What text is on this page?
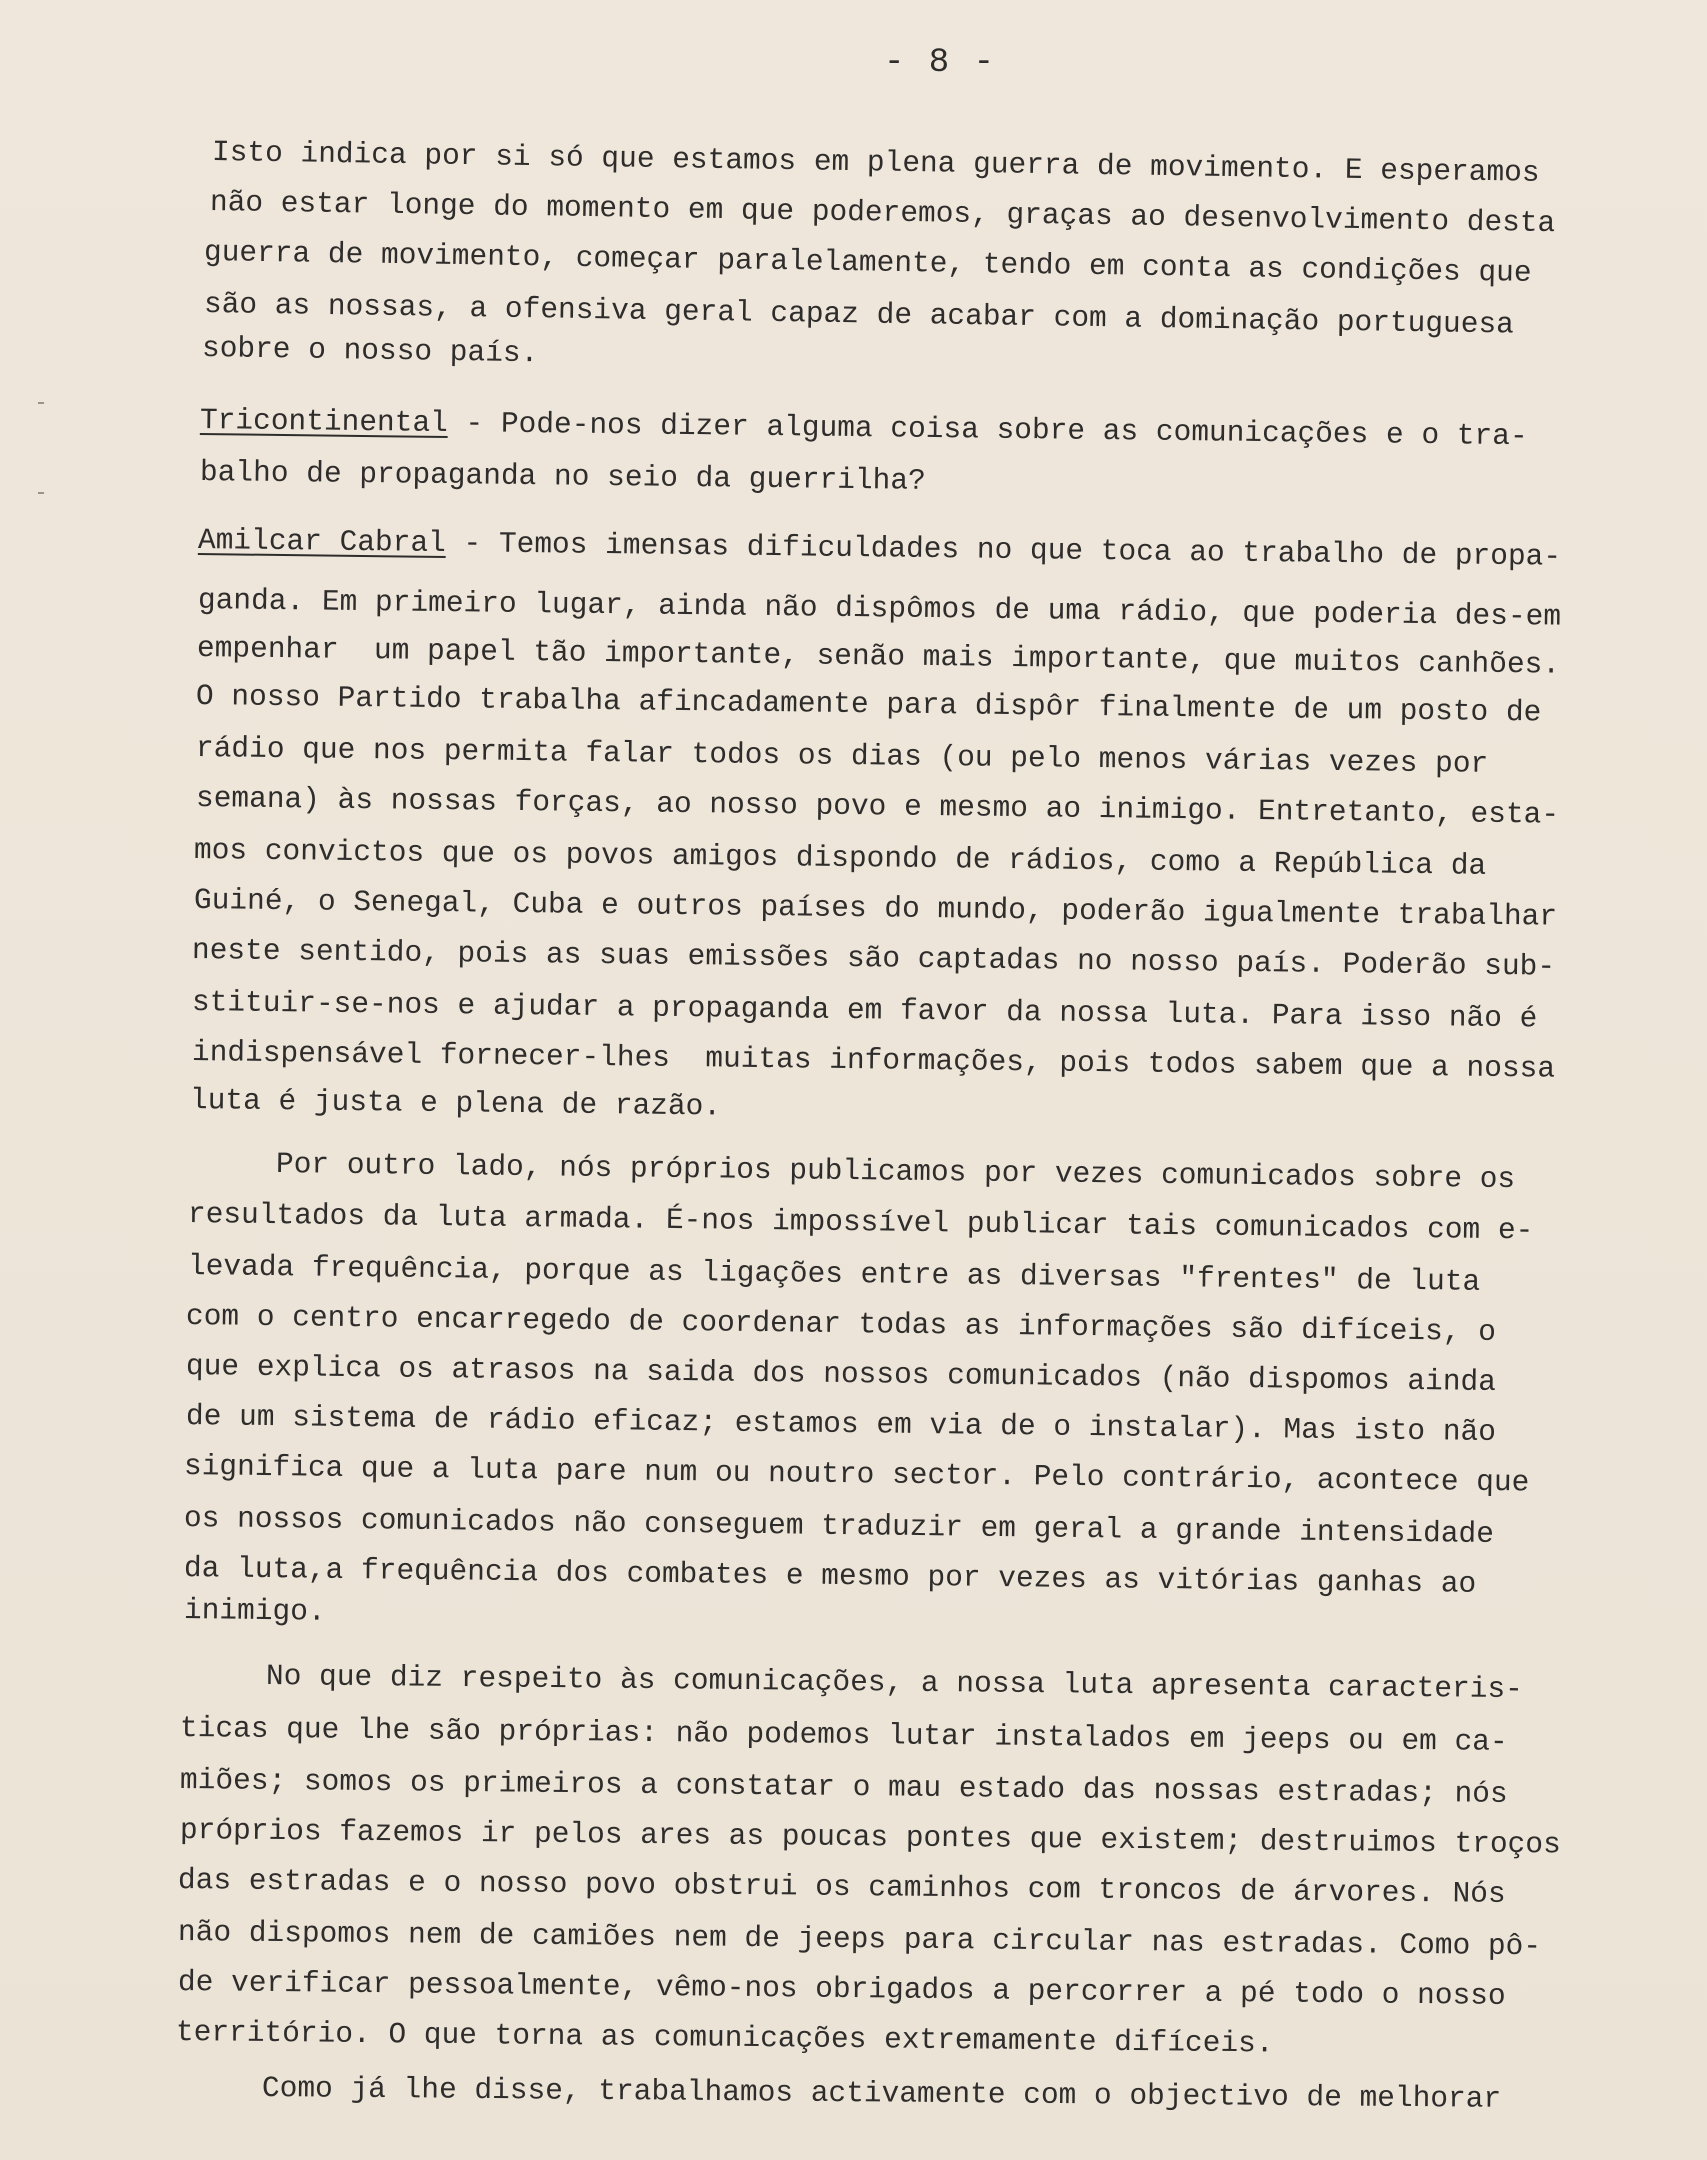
- 8 -
Isto indica por si só que estamos em plena guerra de movimento. E esperamos
não estar longe do momento em que poderemos, graças ao desenvolvimento desta
guerra de movimento, começar paralelamente, tendo em conta as condições que
são as nossas, a ofensiva geral capaz de acabar com a dominação portuguesa
sobre o nosso país.
Tricontinental - Pode-nos dizer alguma coisa sobre as comunicações e o tra-
balho de propaganda no seio da guerrilha?
Amilcar Cabral - Temos imensas dificuldades no que toca ao trabalho de propa-
ganda. Em primeiro lugar, ainda não dispômos de uma rádio, que poderia des-em
empenhar  um papel tão importante, senão mais importante, que muitos canhões.
O nosso Partido trabalha afincadamente para dispôr finalmente de um posto de
rádio que nos permita falar todos os dias (ou pelo menos várias vezes por
semana) às nossas forças, ao nosso povo e mesmo ao inimigo. Entretanto, esta-
mos convictos que os povos amigos dispondo de rádios, como a República da
Guiné, o Senegal, Cuba e outros países do mundo, poderão igualmente trabalhar
neste sentido, pois as suas emissões são captadas no nosso país. Poderão sub-
stituir-se-nos e ajudar a propaganda em favor da nossa luta. Para isso não é
indispensável fornecer-lhes  muitas informações, pois todos sabem que a nossa
luta é justa e plena de razão.
Por outro lado, nós próprios publicamos por vezes comunicados sobre os
resultados da luta armada. É-nos impossível publicar tais comunicados com e-
levada frequência, porque as ligações entre as diversas "frentes" de luta
com o centro encarregedo de coordenar todas as informações são difíceis, o
que explica os atrasos na saida dos nossos comunicados (não dispomos ainda
de um sistema de rádio eficaz; estamos em via de o instalar). Mas isto não
significa que a luta pare num ou noutro sector. Pelo contrário, acontece que
os nossos comunicados não conseguem traduzir em geral a grande intensidade
da luta,a frequência dos combates e mesmo por vezes as vitórias ganhas ao
inimigo.
No que diz respeito às comunicações, a nossa luta apresenta caracteris-
ticas que lhe são próprias: não podemos lutar instalados em jeeps ou em ca-
miões; somos os primeiros a constatar o mau estado das nossas estradas; nós
próprios fazemos ir pelos ares as poucas pontes que existem; destruimos troços
das estradas e o nosso povo obstrui os caminhos com troncos de árvores. Nós
não dispomos nem de camiões nem de jeeps para circular nas estradas. Como pô-
de verificar pessoalmente, vêmo-nos obrigados a percorrer a pé todo o nosso
território. O que torna as comunicações extremamente difíceis.
Como já lhe disse, trabalhamos activamente com o objectivo de melhorar
